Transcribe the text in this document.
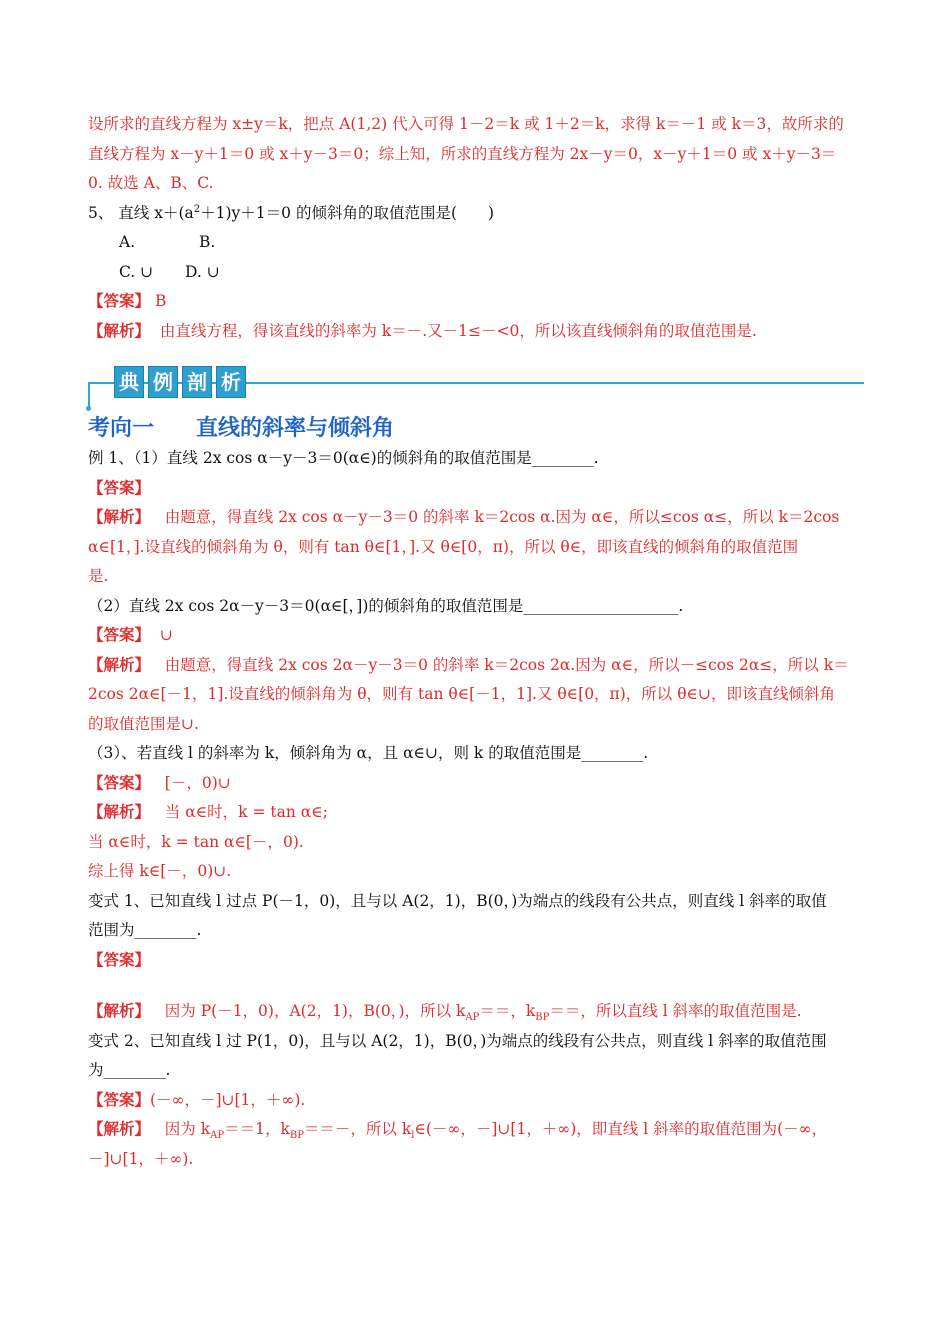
设所求的直线方程为 x±y＝k，把点 A(1,2) 代入可得 1－2＝k 或 1＋2＝k，求得 k＝－1 或 k＝3，故所求的
直线方程为 x－y＋1＝0 或 x＋y－3＝0；综上知，所求的直线方程为 2x－y＝0，x－y＋1＝0 或 x＋y－3＝
0. 故选 A、B、C.
5、 直线 $x+(a^2+1)y+1=0$ 的倾斜角的取值范围是(　　)
A.	B.
C. ∪ D. ∪
【答案】 B
【解析】 由直线方程，得该直线的斜率为 k＝－.又－1≤－<0，所以该直线倾斜角的取值范围是.
典 例 剖 析
考向一 直线的斜率与倾斜角
例 1、（1）直线 2x cos α－y－3＝0(α∈)的倾斜角的取值范围是________.
【答案】
【解析】 由题意，得直线 2x cos α－y－3＝0 的斜率 k＝2cos α.因为 α∈，所以≤cos α≤，所以 k＝2cos
α∈[1，].设直线的倾斜角为 θ，则有 tan θ∈[1，].又 θ∈[0，π)，所以 θ∈，即该直线的倾斜角的取值范围
是.
（2）直线 2x cos 2α－y－3＝0(α∈[，])的倾斜角的取值范围是____________________.
【答案】 ∪
【解析】 由题意，得直线 2x cos 2α－y－3＝0 的斜率 k＝2cos 2α.因为 α∈，所以－≤cos 2α≤，所以 k＝
2cos 2α∈[－1，1].设直线的倾斜角为 θ，则有 tan θ∈[－1，1].又 θ∈[0，π)，所以 θ∈∪，即该直线倾斜角
的取值范围是∪.
（3）、若直线 l 的斜率为 k，倾斜角为 α，且 α∈∪，则 k 的取值范围是________.
【答案】 [－，0)∪
【解析】 当 α∈时，k = tan α∈;
当 α∈时，k = tan α∈[－，0).
综上得 k∈[－，0)∪.
变式 1、已知直线 l 过点 P(－1，0)，且与以 A(2，1)，B(0，)为端点的线段有公共点，则直线 l 斜率的取值
范围为________.
【答案】
【解析】 因为 P(－1，0)，A(2，1)，B(0，)，所以 $k_{AP}==$，$k_{BP}==$，所以直线 l 斜率的取值范围是.
变式 2、已知直线 l 过 P(1，0)，且与以 A(2，1)，B(0，)为端点的线段有公共点，则直线 l 斜率的取值范围
为________.
【答案】(－∞，－]∪[1，＋∞).
【解析】 因为 $k_{AP}==1$，$k_{BP}==-$，所以 $k_l\in(-\infty$，－]∪[1，＋∞)，即直线 l 斜率的取值范围为(－∞，
－]∪[1，＋∞).
